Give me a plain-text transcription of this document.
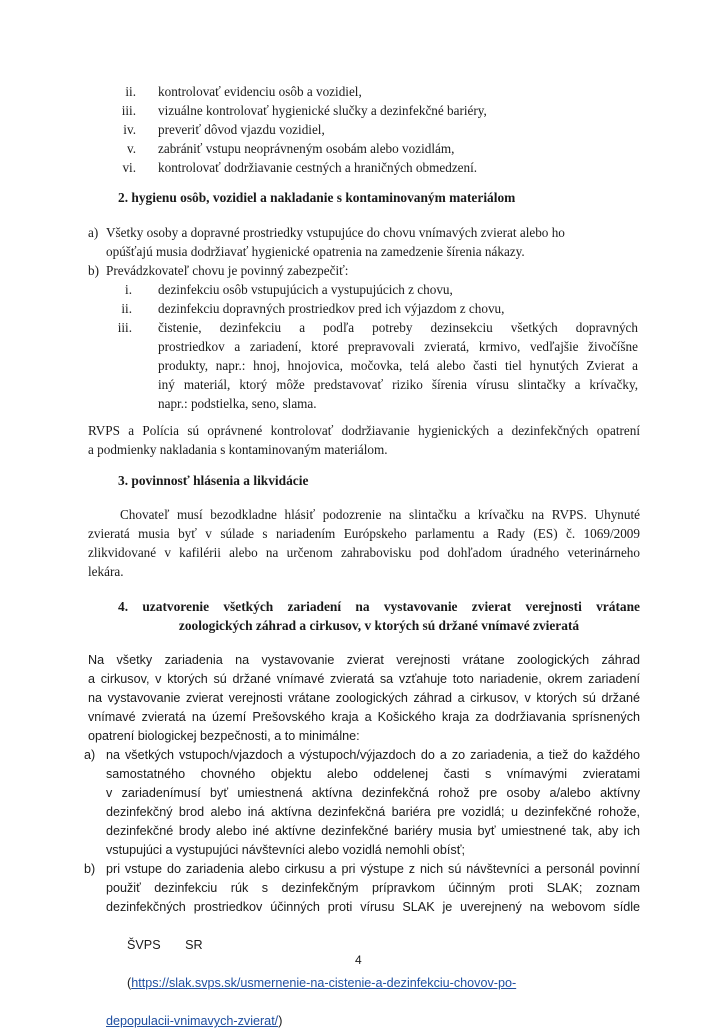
ii. kontrolovať evidenciu osôb a vozidiel,
iii. vizuálne kontrolovať hygienické slučky a dezinfekčné bariéry,
iv. preveriť dôvod vjazdu vozidiel,
v. zabrániť vstupu neoprávneným osobám alebo vozidlám,
vi. kontrolovať dodržiavanie cestných a hraničných obmedzení.
2. hygienu osôb, vozidiel a nakladanie s kontaminovaným materiálom
a) Všetky osoby a dopravné prostriedky vstupujúce do chovu vnímavých zvierat alebo ho
opúšťajú musia dodržiavať hygienické opatrenia na zamedzenie šírenia nákazy.
b) Prevádzkovateľ chovu je povinný zabezpečiť:
i. dezinfekciu osôb vstupujúcich a vystupujúcich z chovu,
ii. dezinfekciu dopravných prostriedkov pred ich výjazdom z chovu,
iii. čistenie, dezinfekciu a podľa potreby dezinsekciu všetkých dopravných
prostriedkov a zariadení, ktoré prepravovali zvieratá, krmivo, vedľajšie živočíšne
produkty, napr.: hnoj, hnojovica, močovka, telá alebo časti tiel hynutých Zvierat a
iný materiál, ktorý môže predstavovať riziko šírenia vírusu slintačky a krívačky,
napr.: podstielka, seno, slama.
RVPS a Polícia sú oprávnené kontrolovať dodržiavanie hygienických a dezinfekčných opatrení
a podmienky nakladania s kontaminovaným materiálom.
3. povinnosť hlásenia a likvidácie
Chovateľ musí bezodkladne hlásiť podozrenie na slintačku a krívačku na RVPS. Uhynuté
zvieratá musia byť v súlade s nariadením Európskeho parlamentu a Rady (ES) č. 1069/2009
zlikvidované v kafilérii alebo na určenom zahrabovisku pod dohľadom úradného veterinárneho
lekára.
4. uzatvorenie všetkých zariadení na vystavovanie zvierat verejnosti vrátane
zoologických záhrad a cirkusov, v ktorých sú držané vnímavé zvieratá
Na všetky zariadenia na vystavovanie zvierat verejnosti vrátane zoologických záhrad
a cirkusov, v ktorých sú držané vnímavé zvieratá sa vzťahuje toto nariadenie, okrem zariadení
na vystavovanie zvierat verejnosti vrátane zoologických záhrad a cirkusov, v ktorých sú držané
vnímavé zvieratá na území Prešovského kraja a Košického kraja za dodržiavania sprísnených
opatrení biologickej bezpečnosti, a to minimálne:
a) na všetkých vstupoch/vjazdoch a výstupoch/výjazdoch do a zo zariadenia, a tiež do každého
samostatného chovného objektu alebo oddelenej časti s vnímavými zvieratami
v zariadenímusí byť umiestnená aktívna dezinfekčná rohož pre osoby a/alebo aktívny
dezinfekčný brod alebo iná aktívna dezinfekčná bariéra pre vozidlá; u dezinfekčné rohože,
dezinfekčné brody alebo iné aktívne dezinfekčné bariéry musia byť umiestnené tak, aby ich
vstupujúci a vystupujúci návštevníci alebo vozidlá nemohli obísť;
b) pri vstupe do zariadenia alebo cirkusu a pri výstupe z nich sú návštevníci a personál povinní
použiť dezinfekciu rúk s dezinfekčným prípravkom účinným proti SLAK; zoznam
dezinfekčných prostriedkov účinných proti vírusu SLAK je uverejnený na webovom sídle

ŠVPS       SR

(https://slak.svps.sk/usmernenie-na-cistenie-a-dezinfekciu-chovov-po-

depopulacii-vnimavych-zvierat/)
4
